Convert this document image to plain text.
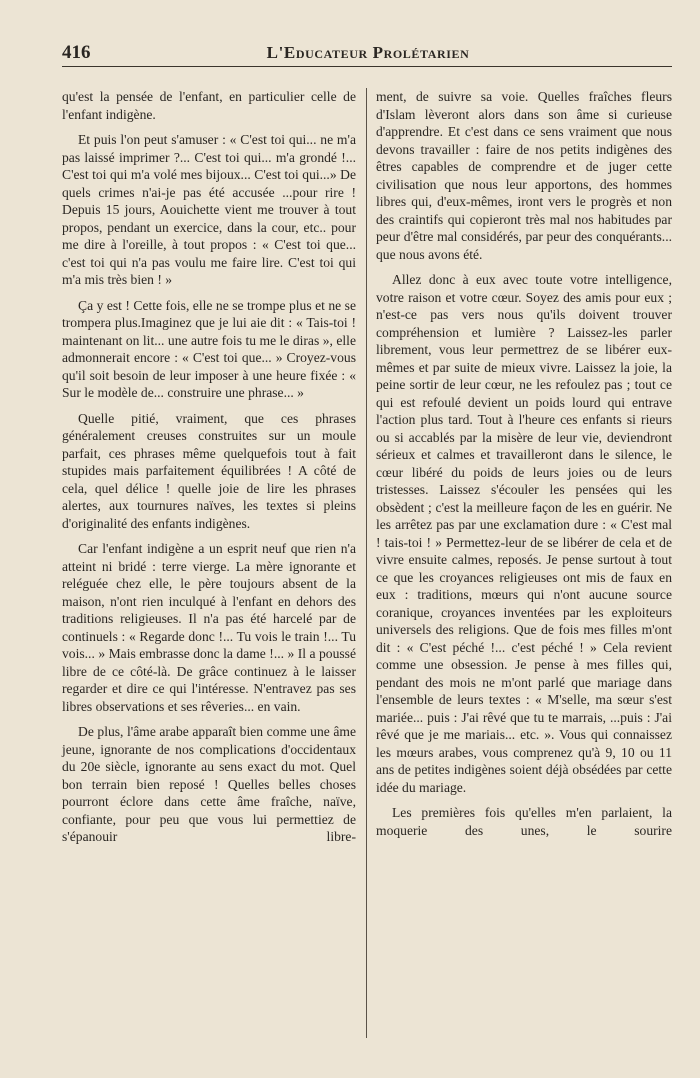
416	L'Educateur Prolétarien

qu'est la pensée de l'enfant, en particulier celle de l'enfant indigène.

Et puis l'on peut s'amuser : « C'est toi qui... ne m'a pas laissé imprimer ?... C'est toi qui... m'a grondé !... C'est toi qui m'a volé mes bijoux... C'est toi qui...» De quels crimes n'ai-je pas été accusée ...pour rire ! Depuis 15 jours, Aouichette vient me trouver à tout propos, pendant un exercice, dans la cour, etc.. pour me dire à l'oreille, à tout propos : « C'est toi que... c'est toi qui n'a pas voulu me faire lire. C'est toi qui m'a mis très bien ! »

Ça y est ! Cette fois, elle ne se trompe plus et ne se trompera plus.Imaginez que je lui aie dit : « Tais-toi ! maintenant on lit... une autre fois tu me le diras », elle admonnerait encore : « C'est toi que... » Croyez-vous qu'il soit besoin de leur imposer à une heure fixée : « Sur le modèle de... construire une phrase... »

Quelle pitié, vraiment, que ces phrases généralement creuses construites sur un moule parfait, ces phrases même quelquefois tout à fait stupides mais parfaitement équilibrées ! A côté de cela, quel délice ! quelle joie de lire les phrases alertes, aux tournures naïves, les textes si pleins d'originalité des enfants indigènes.

Car l'enfant indigène a un esprit neuf que rien n'a atteint ni bridé : terre vierge. La mère ignorante et reléguée chez elle, le père toujours absent de la maison, n'ont rien inculqué à l'enfant en dehors des traditions religieuses. Il n'a pas été harcelé par de continuels : « Regarde donc !... Tu vois le train !... Tu vois... » Mais embrasse donc la dame !... » Il a poussé libre de ce côté-là. De grâce continuez à le laisser regarder et dire ce qui l'intéresse. N'entravez pas ses libres observations et ses rêveries... en vain.

De plus, l'âme arabe apparaît bien comme une âme jeune, ignorante de nos complications d'occidentaux du 20e siècle, ignorante au sens exact du mot. Quel bon terrain bien reposé ! Quelles belles choses pourront éclore dans cette âme fraîche, naïve, confiante, pour peu que vous lui permettiez de s'épanouir libre-

ment, de suivre sa voie. Quelles fraîches fleurs d'Islam lèveront alors dans son âme si curieuse d'apprendre. Et c'est dans ce sens vraiment que nous devons travailler : faire de nos petits indigènes des êtres capables de comprendre et de juger cette civilisation que nous leur apportons, des hommes libres qui, d'eux-mêmes, iront vers le progrès et non des craintifs qui copieront très mal nos habitudes par peur d'être mal considérés, par peur des conquérants... que nous avons été.

Allez donc à eux avec toute votre intelligence, votre raison et votre cœur. Soyez des amis pour eux ; n'est-ce pas vers nous qu'ils doivent trouver compréhension et lumière ? Laissez-les parler librement, vous leur permettrez de se libérer eux-mêmes et par suite de mieux vivre. Laissez la joie, la peine sortir de leur cœur, ne les refoulez pas ; tout ce qui est refoulé devient un poids lourd qui entrave l'action plus tard. Tout à l'heure ces enfants si rieurs ou si accablés par la misère de leur vie, deviendront sérieux et calmes et travailleront dans le silence, le cœur libéré du poids de leurs joies ou de leurs tristesses. Laissez s'écouler les pensées qui les obsèdent ; c'est la meilleure façon de les en guérir. Ne les arrêtez pas par une exclamation dure : « C'est mal ! tais-toi ! » Permettez-leur de se libérer de cela et de vivre ensuite calmes, reposés. Je pense surtout à tout ce que les croyances religieuses ont mis de faux en eux : traditions, mœurs qui n'ont aucune source coranique, croyances inventées par les exploiteurs universels des religions. Que de fois mes filles m'ont dit : « C'est péché !... c'est péché ! » Cela revient comme une obsession. Je pense à mes filles qui, pendant des mois ne m'ont parlé que mariage dans l'ensemble de leurs textes : « M'selle, ma sœur s'est mariée... puis : J'ai rêvé que tu te marrais, ...puis : J'ai rêvé que je me mariais... etc. ». Vous qui connaissez les mœurs arabes, vous comprenez qu'à 9, 10 ou 11 ans de petites indigènes soient déjà obsédées par cette idée du mariage.

Les premières fois qu'elles m'en parlaient, la moquerie des unes, le sourire
